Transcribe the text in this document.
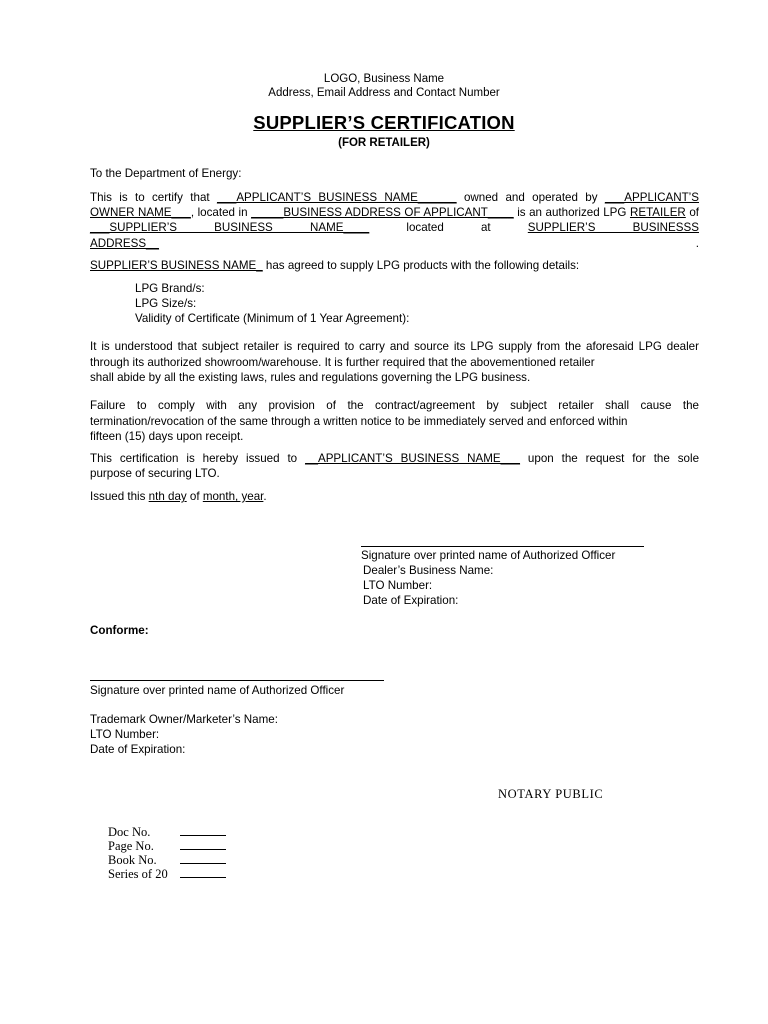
LOGO, Business Name
Address, Email Address and Contact Number
SUPPLIER’S CERTIFICATION
(FOR RETAILER)
To the Department of Energy:
This is to certify that ___APPLICANT’S BUSINESS NAME______ owned and operated by ___APPLICANT’S
OWNER NAME___, located in _____BUSINESS ADDRESS OF APPLICANT____ is an authorized LPG RETAILER of
___SUPPLIER’S BUSINESS NAME____ located at SUPPLIER’S BUSINESSS ADDRESS__ .
SUPPLIER’S BUSINESS NAME_ has agreed to supply LPG products with the following details:
LPG Brand/s:
LPG Size/s:
Validity of Certificate (Minimum of 1 Year Agreement):
It is understood that subject retailer is required to carry and source its LPG supply from the aforesaid LPG dealer through its authorized showroom/warehouse. It is further required that the abovementioned retailer
shall abide by all the existing laws, rules and regulations governing the LPG business.
Failure to comply with any provision of the contract/agreement by subject retailer shall cause the termination/revocation of the same through a written notice to be immediately served and enforced within
fifteen (15) days upon receipt.
This certification is hereby issued to __APPLICANT’S BUSINESS NAME___ upon the request for the sole
purpose of securing LTO.
Issued this nth day of month, year.
Signature over printed name of Authorized Officer
Dealer’s Business Name:
LTO Number:
Date of Expiration:
Conforme:
Signature over printed name of Authorized Officer
Trademark Owner/Marketer’s Name:
LTO Number:
Date of Expiration:
NOTARY PUBLIC
Doc No.
Page No.
Book No.
Series of 20
